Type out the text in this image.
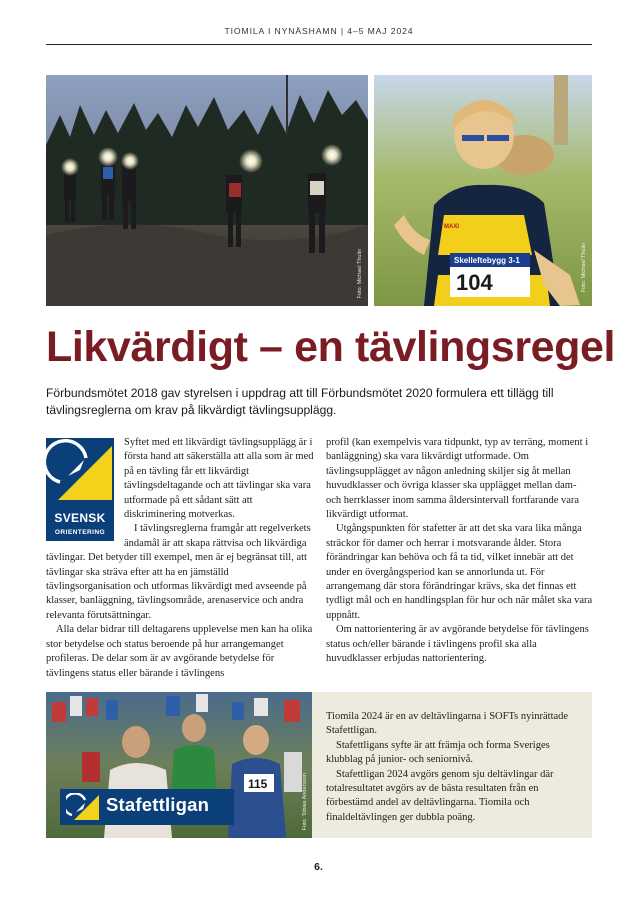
TIOMILA I NYNÄSHAMN | 4–5 MAJ 2024
Foto: Michael Thulin	Skelleftebygg 3-1
104
MAXI
Foto: Michael Thulin
Likvärdigt – en tävlingsregel

Förbundsmötet 2018 gav styrelsen i uppdrag att till Förbundsmötet 2020 formulera ett tillägg till tävlingsreglerna om krav på likvärdigt tävlingsupplägg.

SVENSK
ORIENTERING

Syftet med ett likvärdigt tävlingsupplägg är i första hand att säkerställa att alla som är med på en tävling får ett likvärdigt tävlingsdeltagande och att tävlingar ska vara utformade på ett sådant sätt att diskriminering motverkas.

I tävlingsreglerna framgår att regelverkets ändamål är att skapa rättvisa och likvärdiga tävlingar. Det betyder till exempel, men är ej begränsat till, att tävlingar ska sträva efter att ha en jämställd tävlingsorganisation och utformas likvärdigt med avseende på klasser, banläggning, tävlingsområde, arenaservice och andra relevanta förutsättningar.

Alla delar bidrar till deltagarens upplevelse men kan ha olika stor betydelse och status beroende på hur arrangemanget profileras. De delar som är av avgörande betydelse för tävlingens status eller bärande i tävlingens

profil (kan exempelvis vara tidpunkt, typ av terräng, moment i banläggning) ska vara likvärdigt utformade. Om tävlingsupplägget av någon anledning skiljer sig åt mellan huvudklasser och övriga klasser ska upplägget mellan dam- och herrklasser inom samma åldersintervall fortfarande vara likvärdigt utformat.

Utgångspunkten för stafetter är att det ska vara lika många sträckor för damer och herrar i motsvarande ålder. Stora förändringar kan behöva och få ta tid, vilket innebär att det under en övergångsperiod kan se annorlunda ut. För arrangemang där stora förändringar krävs, ska det finnas ett tydligt mål och en handlingsplan för hur och när målet ska vara uppnått.

Om nattorientering är av avgörande betydelse för tävlingens status och/eller bärande i tävlingens profil ska alla huvudklasser erbjudas nattorientering.

115
Stafettligan	Foto: Tobias Andersson

Tiomila 2024 är en av deltävlingarna i SOFTs nyinrättade Stafettligan.

Stafettligans syfte är att främja och forma Sveriges klubblag på junior- och seniornivå.

Stafettligan 2024 avgörs genom sju deltävlingar där totalresultatet avgörs av de bästa resultaten från en förbestämd andel av deltävlingarna. Tiomila och finaldeltävlingen ger dubbla poäng.

6.
